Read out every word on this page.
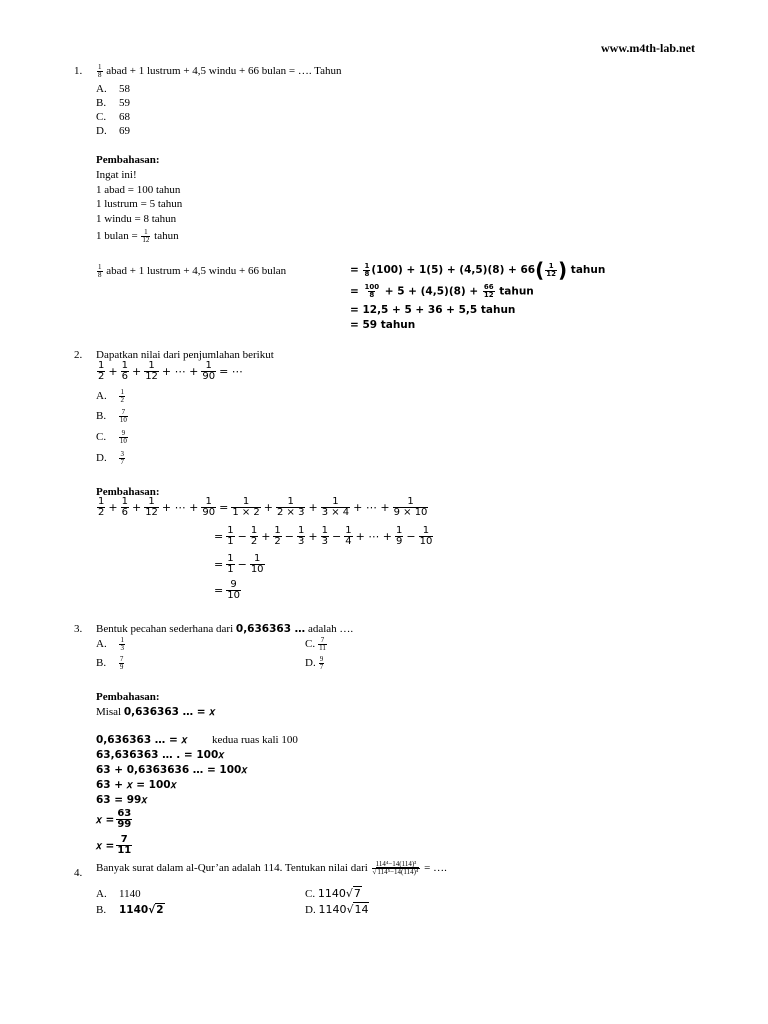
www.m4th-lab.net
1. $\frac{1}{8}$ abad + 1 lustrum + 4,5 windu + 66 bulan = …. Tahun
A. 58
B. 59
C. 68
D. 69
Pembahasan:
Ingat ini!
1 abad = 100 tahun
1 lustrum = 5 tahun
1 windu = 8 tahun
1 bulan = $\frac{1}{12}$ tahun
$\frac{1}{8}$ abad + 1 lustrum + 4,5 windu + 66 bulan	= $\frac{1}{8} (100) + 1(5) + (4,5)(8) + 66( \frac{1}{12}$ ) tahun
= $\frac{100}{8} + 5 + (4,5)(8) + \frac{66}{12}$ tahun
= 12,5 + 5 + 36 + 5,5 tahun
= 59 tahun
2. Dapatkan nilai dari penjumlahan berikut
$\frac{1}{2} + \frac{1}{6} + \frac{1}{12}$ + ⋯ + $\frac{1}{90}$ = ⋯
A. $\frac{1}{2}$
B. $\frac{7}{10}$
C. $\frac{9}{10}$
D. $\frac{3}{7}$
Pembahasan:
$\frac{1}{2} + \frac{1}{6} + \frac{1}{12}$ + ⋯ + $\frac{1}{90} = \frac{1}{1 \times 2} + \frac{1}{2 \times 3} + \frac{1}{3 \times 4}$ + ⋯ + $\frac{1}{9 \times 10}$
= $\frac{1}{1} - \frac{1}{2} + \frac{1}{2} - \frac{1}{3} + \frac{1}{3} - \frac{1}{4}$ + ⋯ + $\frac{1}{9} - \frac{1}{10}$
= $\frac{1}{1} - \frac{1}{10}$
= $\frac{9}{10}$
3. Bentuk pecahan sederhana dari 0,636363 … adalah ….
A. $\frac{1}{3}$
B. $\frac{7}{9}$
C. $\frac{7}{11}$
D. $\frac{9}{7}$
Pembahasan:
Misal 0,636363 … = 𝑥
0,636363 … = 𝑥 kedua ruas kali 100
63,636363 … . = 100𝑥
63 + 0,6363636 … = 100𝑥
63 + 𝑥 = 100𝑥
63 = 99𝑥
𝑥 = $\frac{63}{99}$
𝑥 = $\frac{7}{11}$
4. Banyak surat dalam al-Qur’an adalah 114. Tentukan nilai dari $\frac{\text{114⁴−14(114)³}}{\text{√114⁵−14(114)⁴}}$ = ….
A. 1140
B. 1140√2
C. 1140√7
D. 1140√14
